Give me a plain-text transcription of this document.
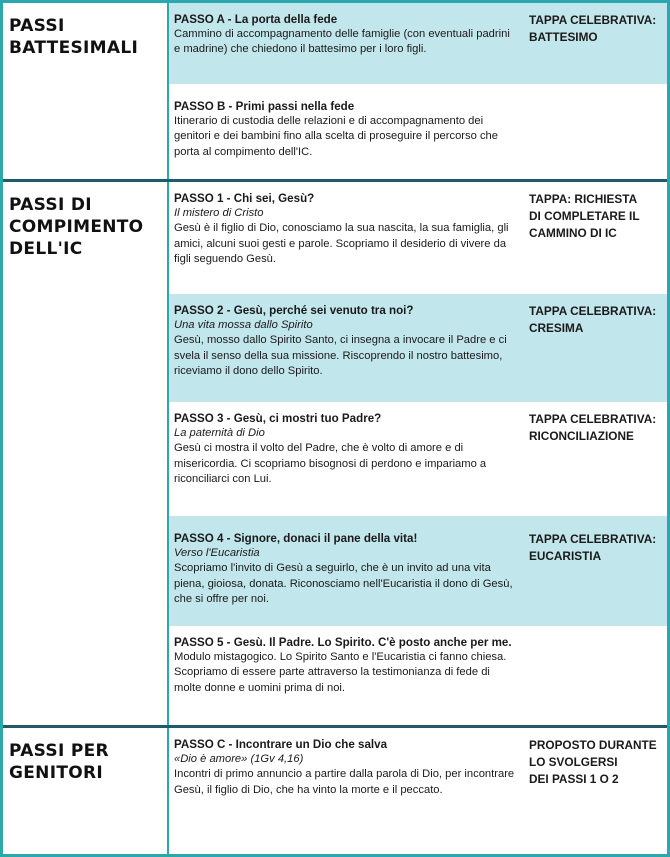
PASSI
BATTESIMALI
PASSO A - La porta della fede
Cammino di accompagnamento delle famiglie (con eventuali padrini e madrine) che chiedono il battesimo per i loro figli.
TAPPA CELEBRATIVA:
BATTESIMO
PASSO B - Primi passi nella fede
Itinerario di custodia delle relazioni e di accompagnamento dei genitori e dei bambini fino alla scelta di proseguire il percorso che porta al compimento dell'IC.
PASSI DI
COMPIMENTO
DELL'IC
PASSO 1 - Chi sei, Gesù?
Il mistero di Cristo
Gesù è il figlio di Dio, conosciamo la sua nascita, la sua famiglia, gli amici, alcuni suoi gesti e parole. Scopriamo il desiderio di vivere da figli seguendo Gesù.
TAPPA: RICHIESTA
DI COMPLETARE IL
CAMMINO DI IC
PASSO 2 - Gesù, perché sei venuto tra noi?
Una vita mossa dallo Spirito
Gesù, mosso dallo Spirito Santo, ci insegna a invocare il Padre e ci svela il senso della sua missione. Riscoprendo il nostro battesimo, riceviamo il dono dello Spirito.
TAPPA CELEBRATIVA:
CRESIMA
PASSO 3 - Gesù, ci mostri tuo Padre?
La paternità di Dio
Gesù ci mostra il volto del Padre, che è volto di amore e di misericordia. Ci scopriamo bisognosi di perdono e impariamo a riconciliarci con Lui.
TAPPA CELEBRATIVA:
RICONCILIAZIONE
PASSO 4 - Signore, donaci il pane della vita!
Verso l'Eucaristia
Scopriamo l'invito di Gesù a seguirlo, che è un invito ad una vita piena, gioiosa, donata. Riconosciamo nell'Eucaristia il dono di Gesù, che si offre per noi.
TAPPA CELEBRATIVA:
EUCARISTIA
PASSO 5 - Gesù. Il Padre. Lo Spirito. C'è posto anche per me.
Modulo mistagogico. Lo Spirito Santo e l'Eucaristia ci fanno chiesa. Scopriamo di essere parte attraverso la testimonianza di fede di molte donne e uomini prima di noi.
PASSI PER
GENITORI
PASSO C - Incontrare un Dio che salva
«Dio è amore» (1Gv 4,16)
Incontri di primo annuncio a partire dalla parola di Dio, per incontrare Gesù, il figlio di Dio, che ha vinto la morte e il peccato.
PROPOSTO DURANTE
LO SVOLGERSI
DEI PASSI 1 O 2
